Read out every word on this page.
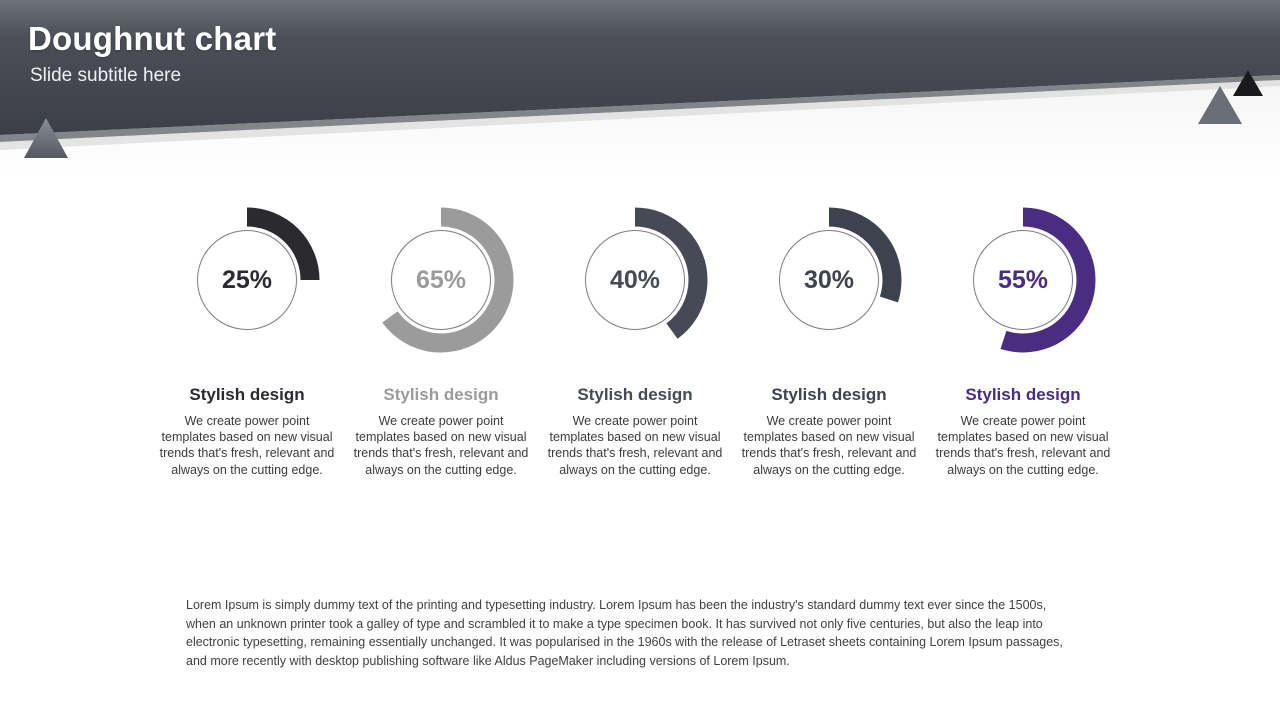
Doughnut chart
Slide subtitle here
25%
Stylish design
We create power point templates based on new visual trends that's fresh, relevant and always on the cutting edge.
65%
Stylish design
We create power point templates based on new visual trends that's fresh, relevant and always on the cutting edge.
40%
Stylish design
We create power point templates based on new visual trends that's fresh, relevant and always on the cutting edge.
30%
Stylish design
We create power point templates based on new visual trends that's fresh, relevant and always on the cutting edge.
55%
Stylish design
We create power point templates based on new visual trends that's fresh, relevant and always on the cutting edge.
Lorem Ipsum is simply dummy text of the printing and typesetting industry. Lorem Ipsum has been the industry's standard dummy text ever since the 1500s, when an unknown printer took a galley of type and scrambled it to make a type specimen book. It has survived not only five centuries, but also the leap into electronic typesetting, remaining essentially unchanged. It was popularised in the 1960s with the release of Letraset sheets containing Lorem Ipsum passages, and more recently with desktop publishing software like Aldus PageMaker including versions of Lorem Ipsum.
